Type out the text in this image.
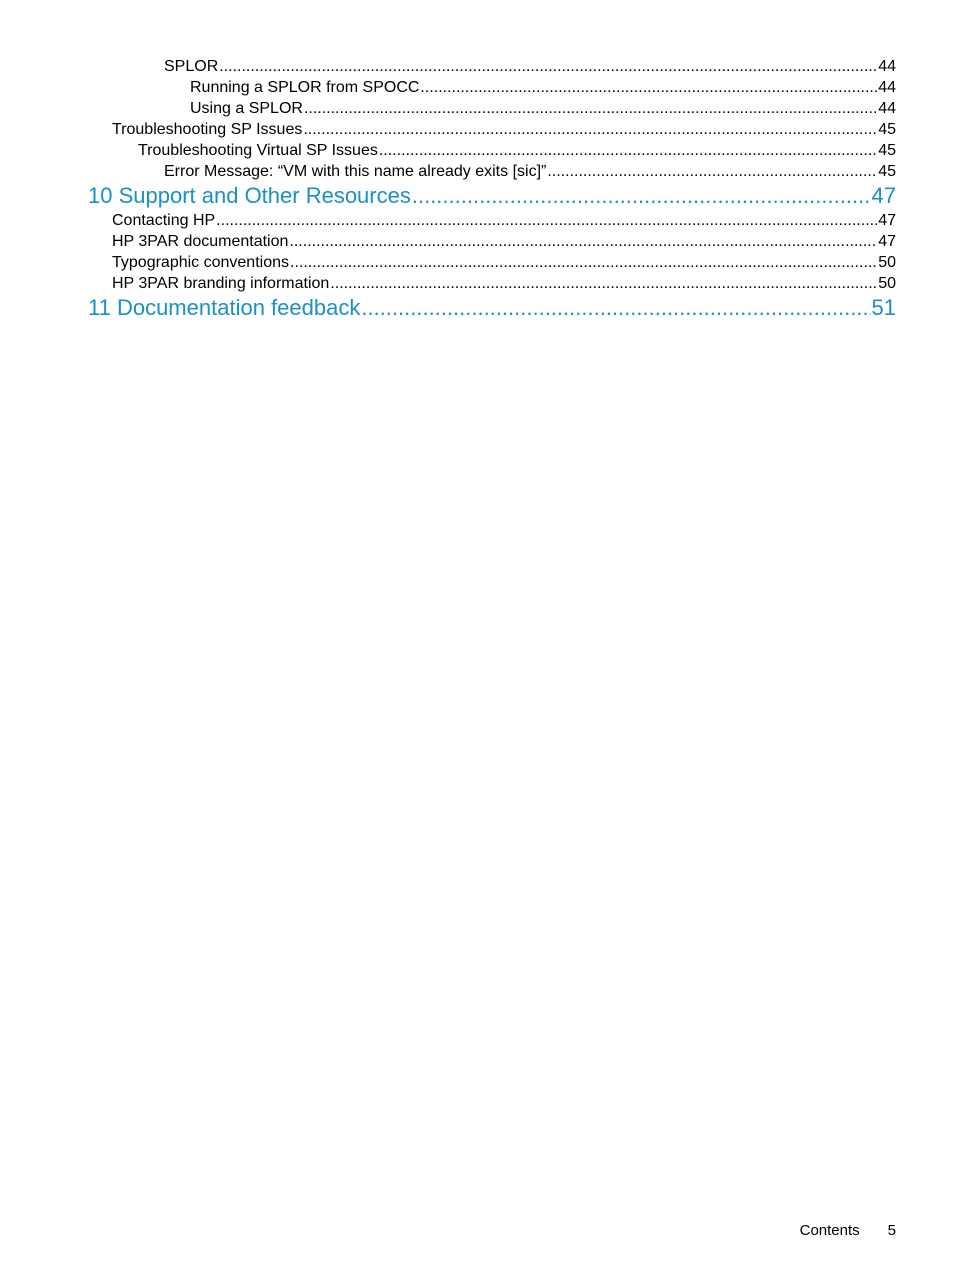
SPLOR .....	44
Running a SPLOR from SPOCC .....	44
Using a SPLOR .....	44
Troubleshooting SP Issues .....	45
Troubleshooting Virtual SP Issues .....	45
Error Message: “VM with this name already exits [sic]” .....	45
10 Support and Other Resources .....	47
Contacting HP .....	47
HP 3PAR documentation .....	47
Typographic conventions .....	50
HP 3PAR branding information .....	50
11 Documentation feedback .....	51
Contents 5
